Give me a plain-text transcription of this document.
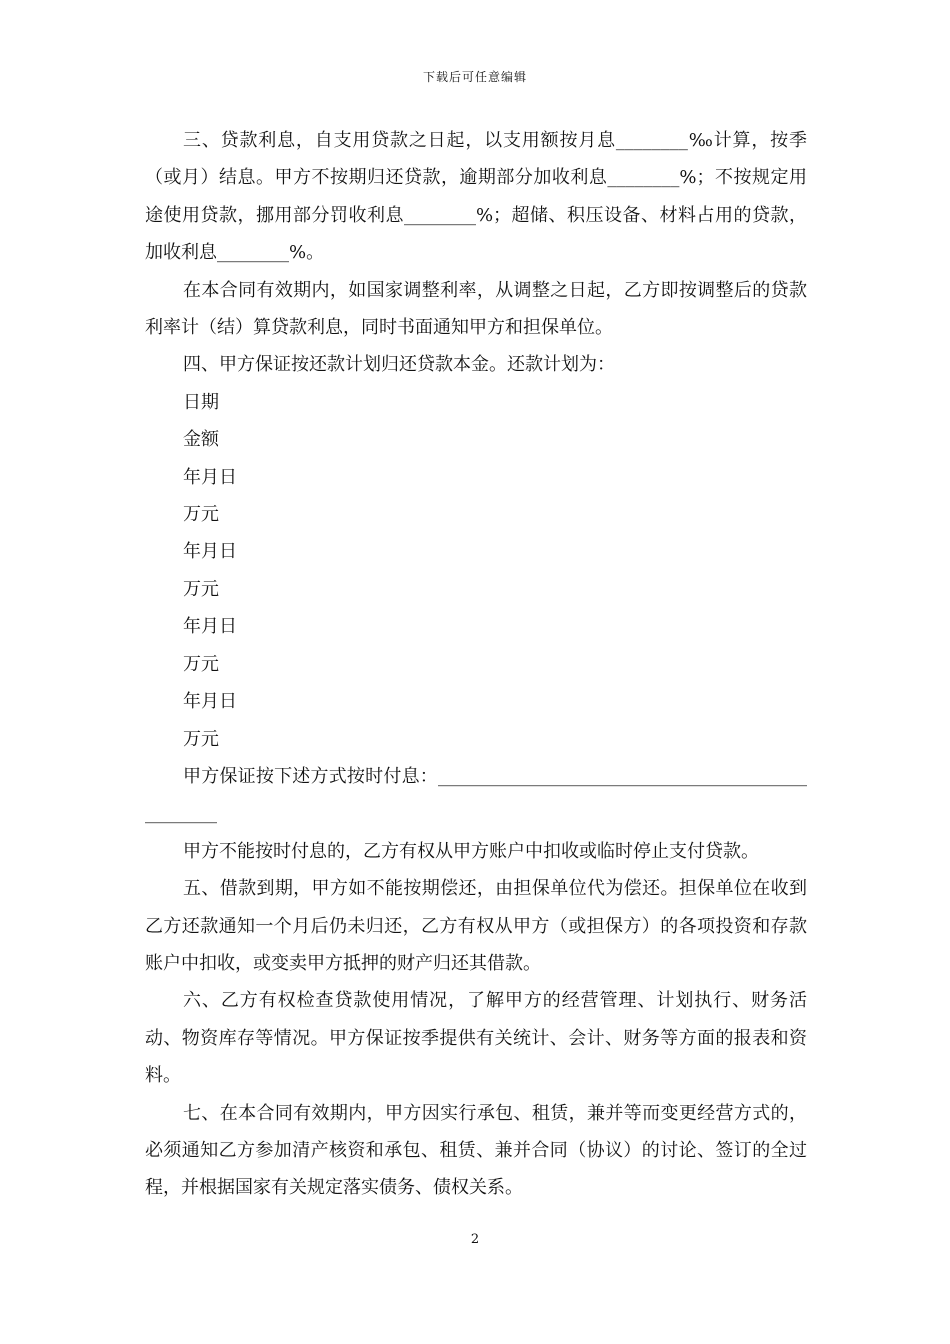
下载后可任意编辑

三、贷款利息，自支用贷款之日起，以支用额按月息________‰计算，按季（或月）结息。甲方不按期归还贷款，逾期部分加收利息________%；不按规定用途使用贷款，挪用部分罚收利息________%；超储、积压设备、材料占用的贷款，加收利息________%。

在本合同有效期内，如国家调整利率，从调整之日起，乙方即按调整后的贷款利率计（结）算贷款利息，同时书面通知甲方和担保单位。

四、甲方保证按还款计划归还贷款本金。还款计划为：

日期

金额

年月日

万元

年月日

万元

年月日

万元

年月日

万元

甲方保证按下述方式按时付息：_________________________________________________

甲方不能按时付息的，乙方有权从甲方账户中扣收或临时停止支付贷款。

五、借款到期，甲方如不能按期偿还，由担保单位代为偿还。担保单位在收到乙方还款通知一个月后仍未归还，乙方有权从甲方（或担保方）的各项投资和存款账户中扣收，或变卖甲方抵押的财产归还其借款。

六、乙方有权检查贷款使用情况，了解甲方的经营管理、计划执行、财务活动、物资库存等情况。甲方保证按季提供有关统计、会计、财务等方面的报表和资料。

七、在本合同有效期内，甲方因实行承包、租赁，兼并等而变更经营方式的，必须通知乙方参加清产核资和承包、租赁、兼并合同（协议）的讨论、签订的全过程，并根据国家有关规定落实债务、债权关系。

2
